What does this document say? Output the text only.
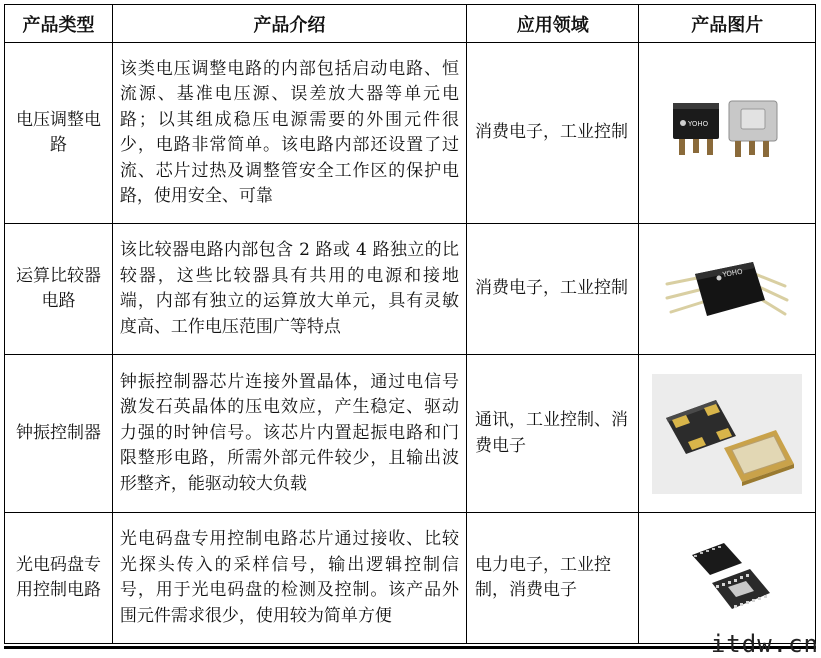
产品类型	产品介绍	应用领域	产品图片
电压调整电路	该类电压调整电路的内部包括启动电路、恒流源、基准电压源、误差放大器等单元电路；以其组成稳压电源需要的外围元件很少，电路非常简单。该电路内部还设置了过流、芯片过热及调整管安全工作区的保护电路，使用安全、可靠	消费电子，工业控制	YOHO

运算比较器电路	该比较器电路内部包含 2 路或 4 路独立的比较器，这些比较器具有共用的电源和接地端，内部有独立的运算放大单元，具有灵敏度高、工作电压范围广等特点	消费电子，工业控制	YOHO

钟振控制器	钟振控制器芯片连接外置晶体，通过电信号激发石英晶体的压电效应，产生稳定、驱动力强的时钟信号。该芯片内置起振电路和门限整形电路，所需外部元件较少，且输出波形整齐，能驱动较大负载	通讯，工业控制、消费电子	

光电码盘专用控制电路	光电码盘专用控制电路芯片通过接收、比较光探头传入的采样信号，输出逻辑控制信号，用于光电码盘的检测及控制。该产品外围元件需求很少，使用较为简单方便	电力电子，工业控制，消费电子	
itdw.cn
